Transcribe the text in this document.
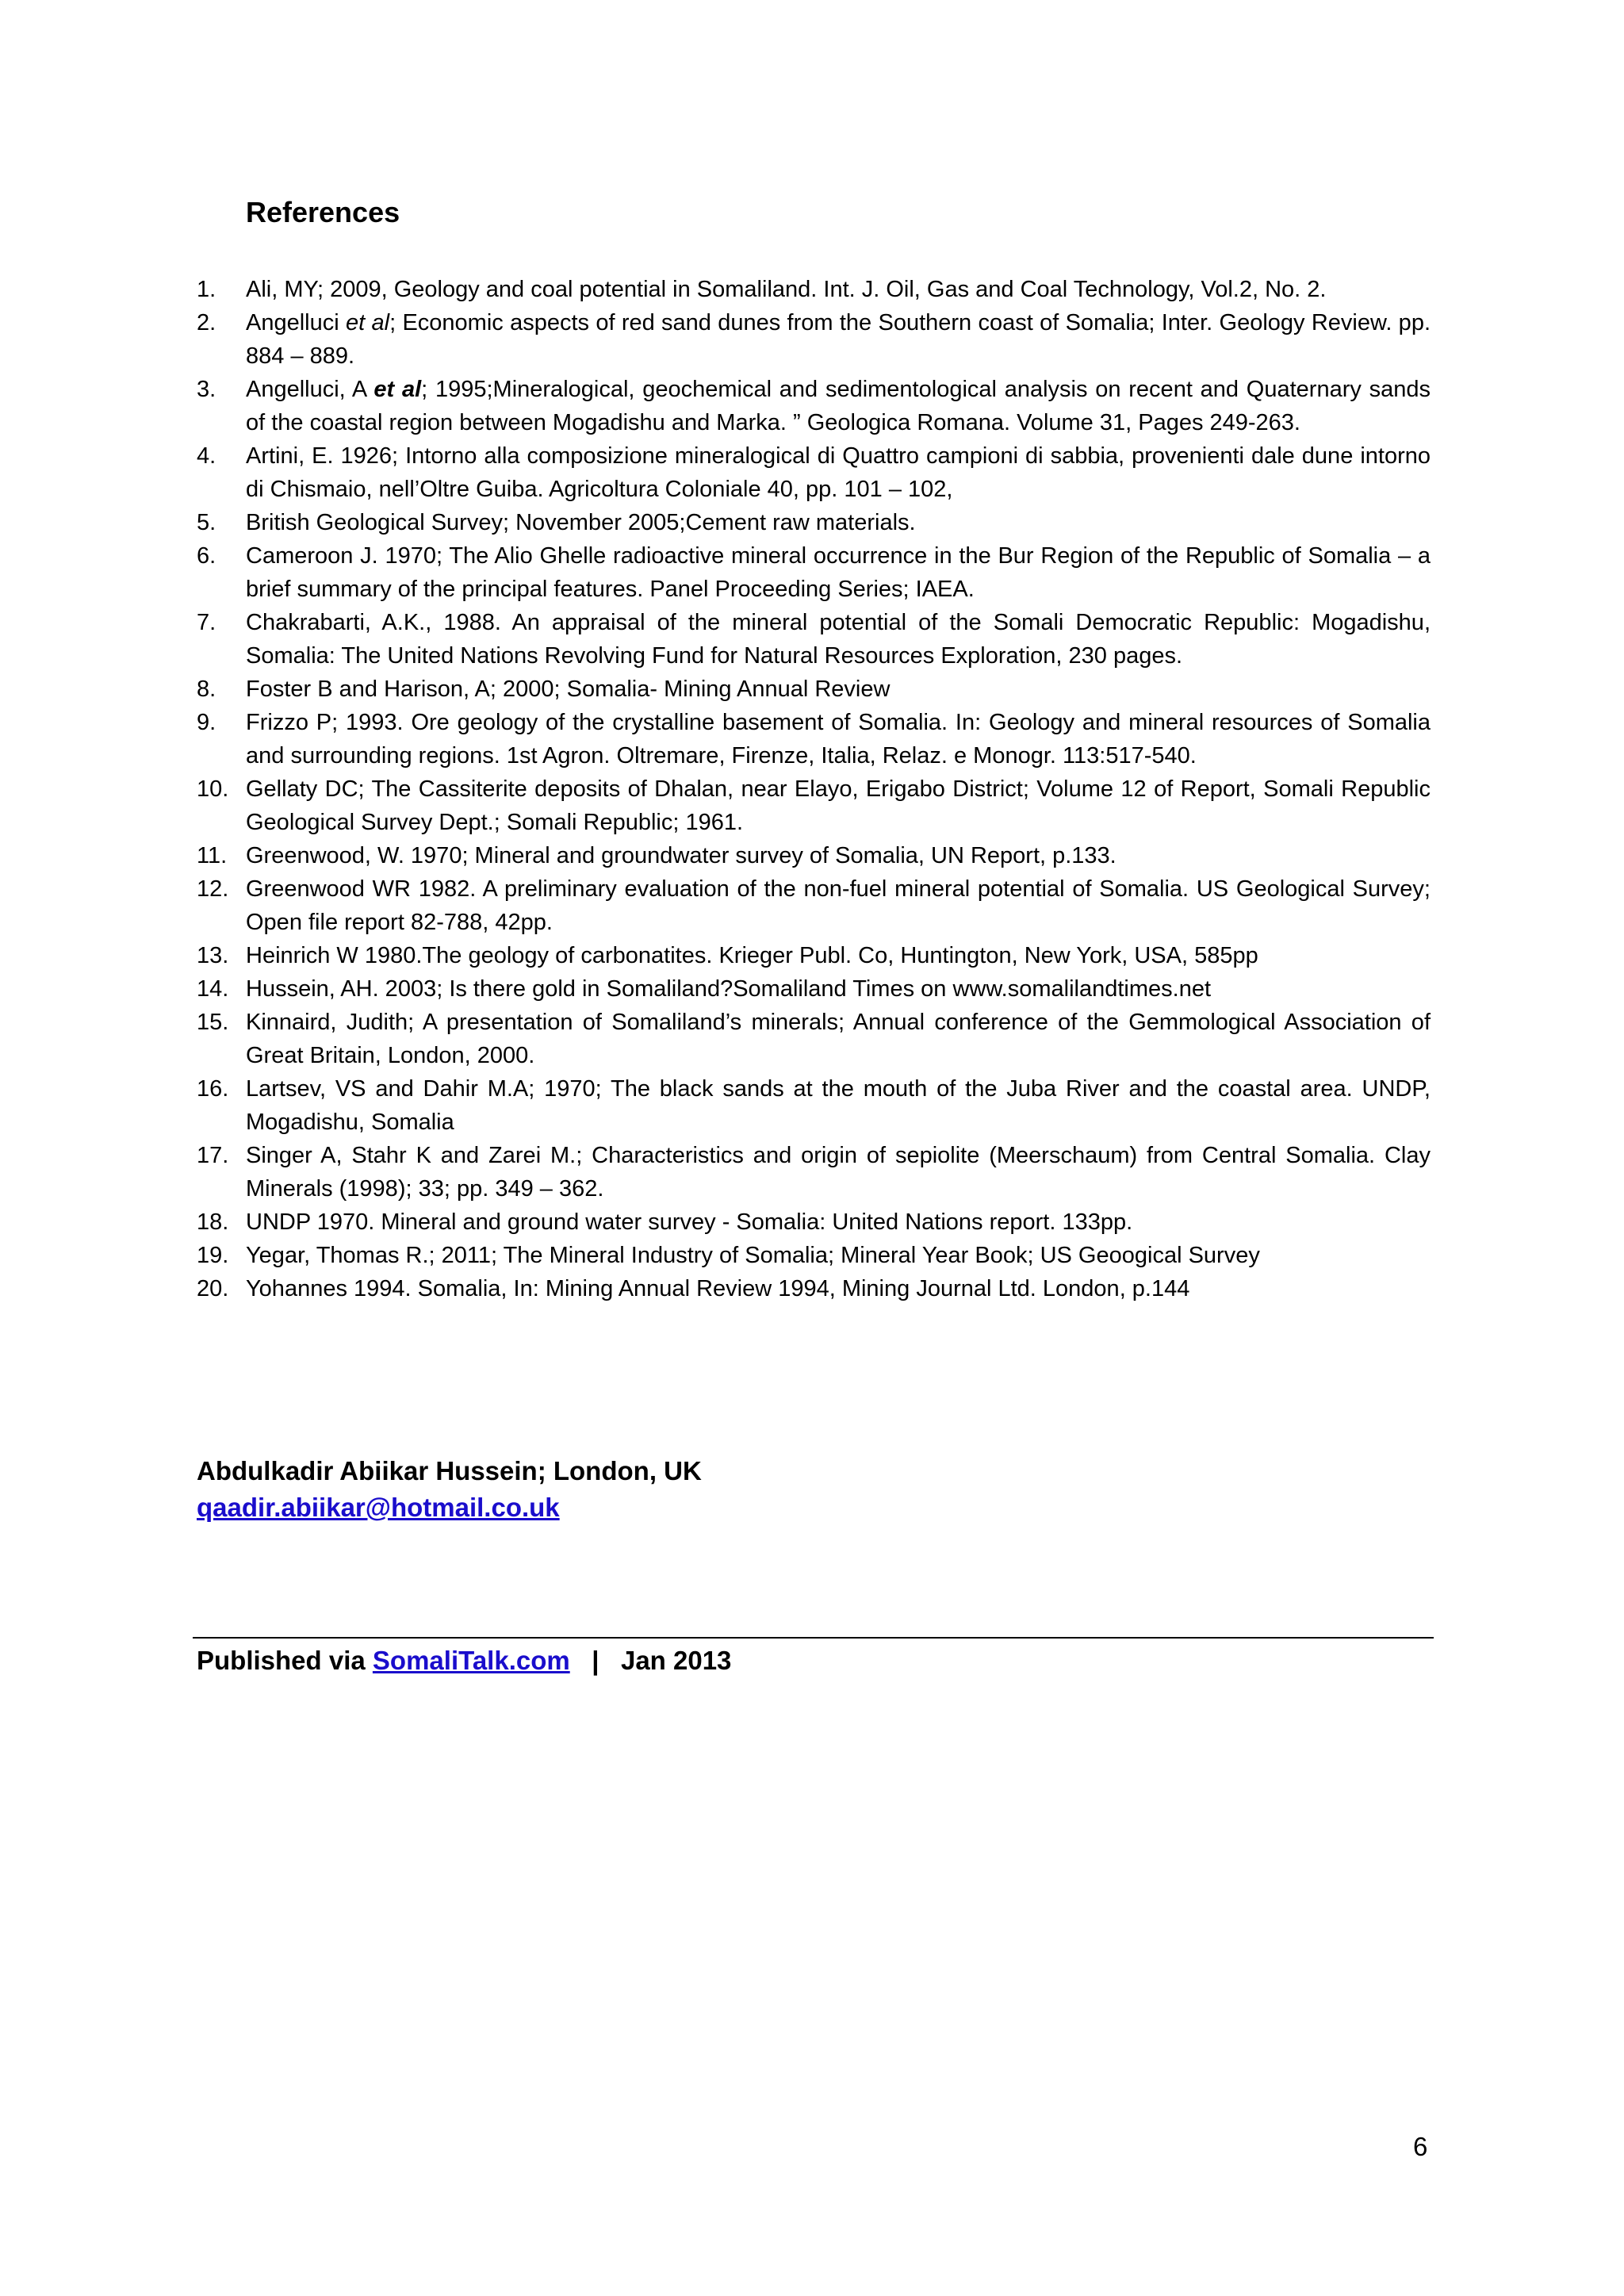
References
1. Ali, MY; 2009, Geology and coal potential in Somaliland. Int. J. Oil, Gas and Coal Technology, Vol.2, No. 2.
2. Angelluci et al; Economic aspects of red sand dunes from the Southern coast of Somalia; Inter. Geology Review. pp. 884 – 889.
3. Angelluci, A et al; 1995;Mineralogical, geochemical and sedimentological analysis on recent and Quaternary sands of the coastal region between Mogadishu and Marka. ” Geologica Romana. Volume 31, Pages 249-263.
4. Artini, E. 1926; Intorno alla composizione mineralogical di Quattro campioni di sabbia, provenienti dale dune intorno di Chismaio, nell’Oltre Guiba. Agricoltura Coloniale 40, pp. 101 – 102,
5. British Geological Survey; November 2005;Cement raw materials.
6. Cameroon J. 1970; The Alio Ghelle radioactive mineral occurrence in the Bur Region of the Republic of Somalia – a brief summary of the principal features. Panel Proceeding Series; IAEA.
7. Chakrabarti, A.K., 1988. An appraisal of the mineral potential of the Somali Democratic Republic: Mogadishu, Somalia: The United Nations Revolving Fund for Natural Resources Exploration, 230 pages.
8. Foster B and Harison, A; 2000; Somalia- Mining Annual Review
9. Frizzo P; 1993. Ore geology of the crystalline basement of Somalia. In: Geology and mineral resources of Somalia and surrounding regions. 1st Agron. Oltremare, Firenze, Italia, Relaz. e Monogr. 113:517-540.
10. Gellaty DC; The Cassiterite deposits of Dhalan, near Elayo, Erigabo District; Volume 12 of Report, Somali Republic Geological Survey Dept.; Somali Republic; 1961.
11. Greenwood, W. 1970; Mineral and groundwater survey of Somalia, UN Report, p.133.
12. Greenwood WR 1982. A preliminary evaluation of the non-fuel mineral potential of Somalia. US Geological Survey; Open file report 82-788, 42pp.
13. Heinrich W 1980.The geology of carbonatites. Krieger Publ. Co, Huntington, New York, USA, 585pp
14. Hussein, AH. 2003; Is there gold in Somaliland?Somaliland Times on www.somalilandtimes.net
15. Kinnaird, Judith; A presentation of Somaliland’s minerals; Annual conference of the Gemmological Association of Great Britain, London, 2000.
16. Lartsev, VS and Dahir M.A; 1970; The black sands at the mouth of the Juba River and the coastal area. UNDP, Mogadishu, Somalia
17. Singer A, Stahr K and Zarei M.; Characteristics and origin of sepiolite (Meerschaum) from Central Somalia. Clay Minerals (1998); 33; pp. 349 – 362.
18. UNDP 1970. Mineral and ground water survey - Somalia: United Nations report. 133pp.
19. Yegar, Thomas R.; 2011; The Mineral Industry of Somalia; Mineral Year Book; US Geoogical Survey
20. Yohannes 1994. Somalia, In: Mining Annual Review 1994, Mining Journal Ltd. London, p.144
Abdulkadir Abiikar Hussein; London, UK
qaadir.abiikar@hotmail.co.uk
Published via SomaliTalk.com   |   Jan 2013
6
